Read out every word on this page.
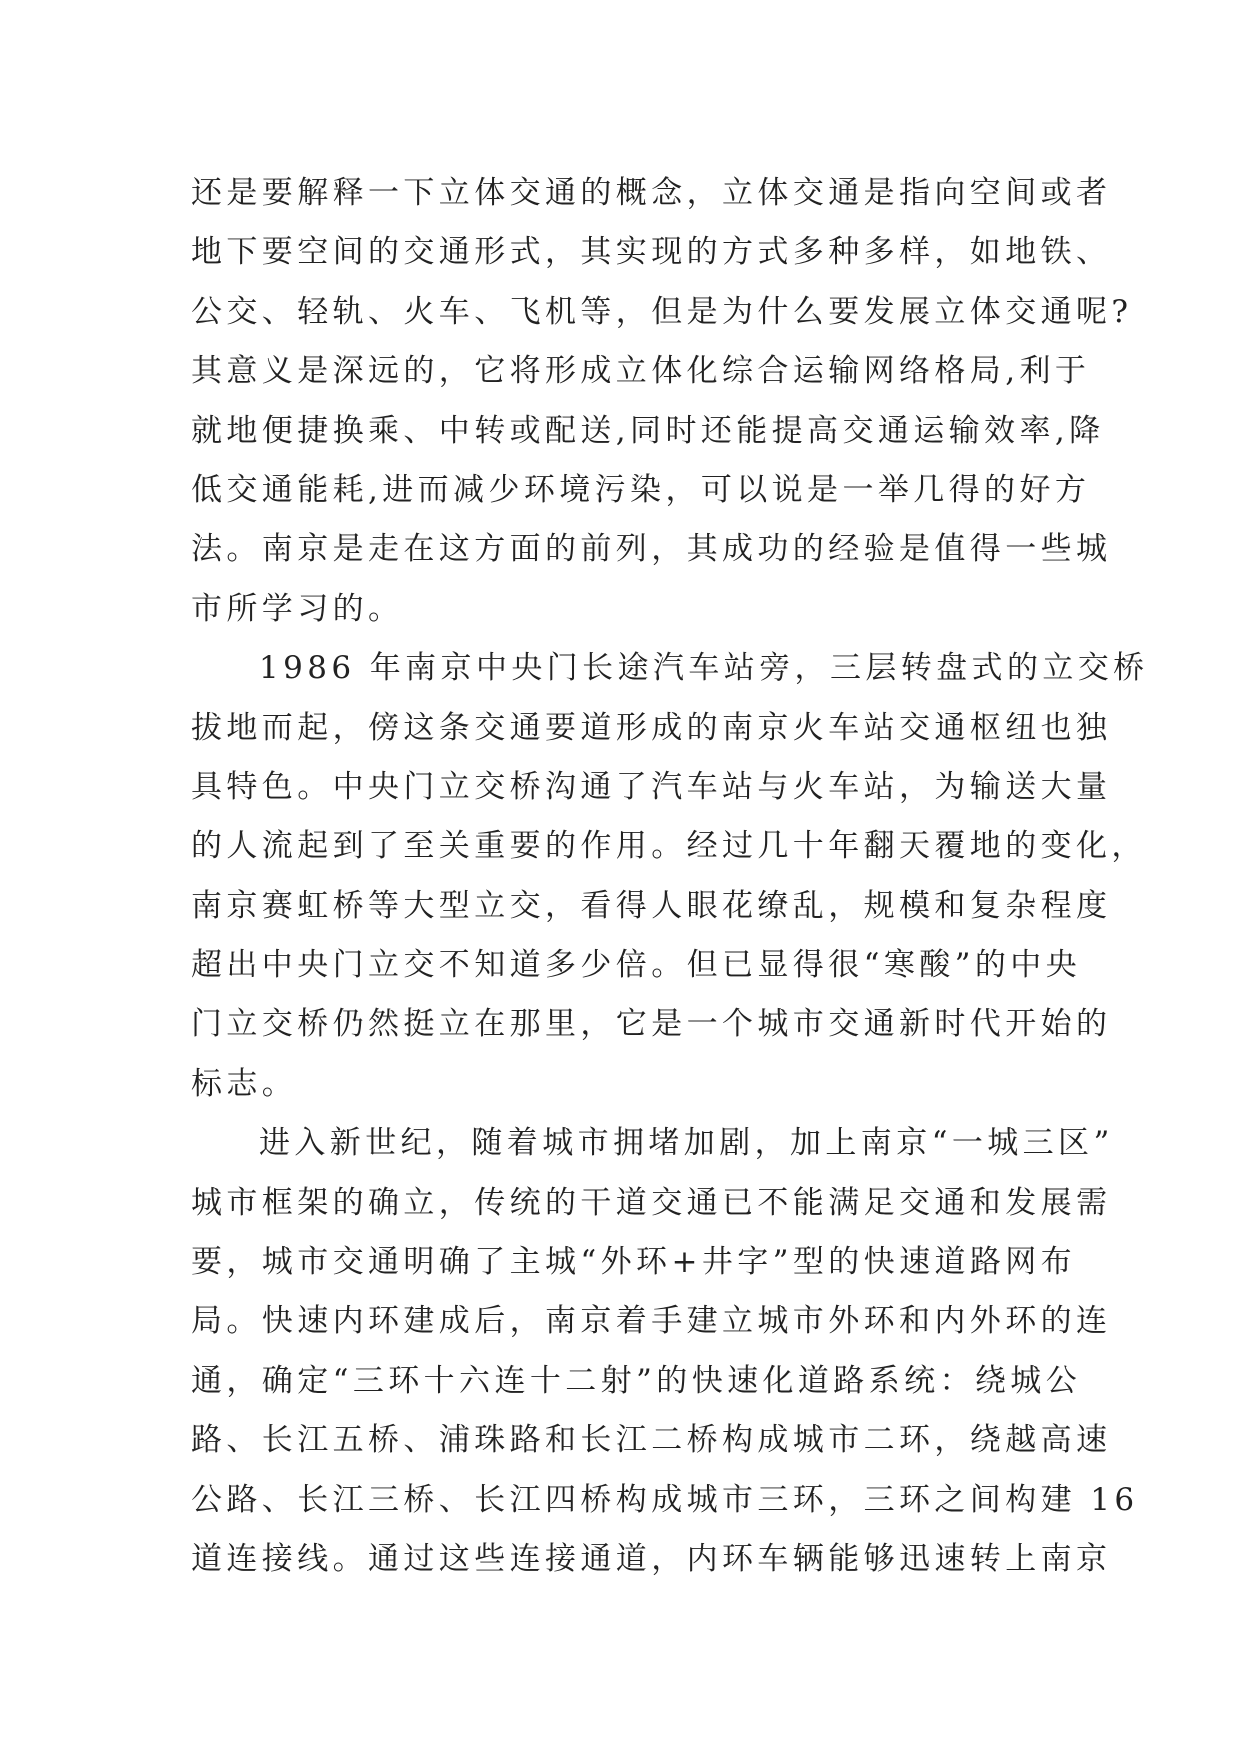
还是要解释一下立体交通的概念，立体交通是指向空间或者
地下要空间的交通形式，其实现的方式多种多样，如地铁、
公交、轻轨、火车、飞机等，但是为什么要发展立体交通呢?
其意义是深远的，它将形成立体化综合运输网络格局,利于
就地便捷换乘、中转或配送,同时还能提高交通运输效率,降
低交通能耗,进而减少环境污染，可以说是一举几得的好方
法。南京是走在这方面的前列，其成功的经验是值得一些城
市所学习的。
1986 年南京中央门长途汽车站旁，三层转盘式的立交桥
拔地而起，傍这条交通要道形成的南京火车站交通枢纽也独
具特色。中央门立交桥沟通了汽车站与火车站，为输送大量
的人流起到了至关重要的作用。经过几十年翻天覆地的变化，
南京赛虹桥等大型立交，看得人眼花缭乱，规模和复杂程度
超出中央门立交不知道多少倍。但已显得很“寒酸”的中央
门立交桥仍然挺立在那里，它是一个城市交通新时代开始的
标志。
进入新世纪，随着城市拥堵加剧，加上南京“一城三区”
城市框架的确立，传统的干道交通已不能满足交通和发展需
要，城市交通明确了主城“外环+井字”型的快速道路网布
局。快速内环建成后，南京着手建立城市外环和内外环的连
通，确定“三环十六连十二射”的快速化道路系统：绕城公
路、长江五桥、浦珠路和长江二桥构成城市二环，绕越高速
公路、长江三桥、长江四桥构成城市三环，三环之间构建 16
道连接线。通过这些连接通道，内环车辆能够迅速转上南京
